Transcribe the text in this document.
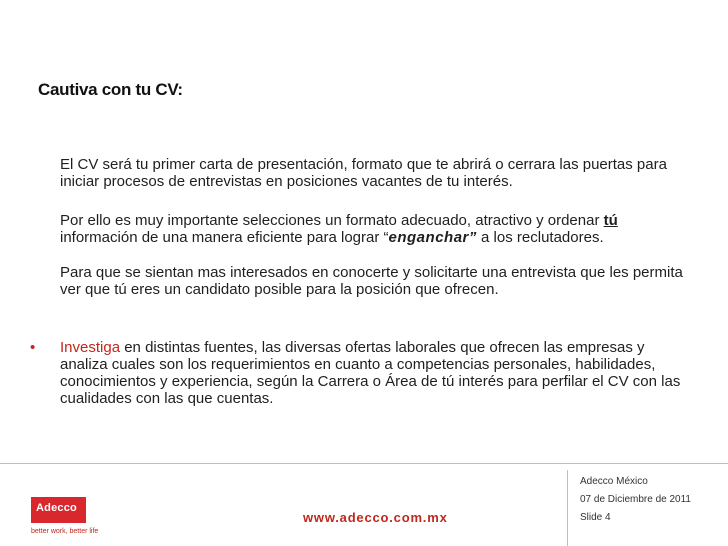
Cautiva con tu CV:
El CV será tu primer carta de presentación, formato que te abrirá o cerrara las puertas para iniciar procesos de entrevistas en posiciones vacantes de tu interés.
Por ello es muy importante selecciones un formato adecuado, atractivo y ordenar tú información de una manera eficiente para lograr “enganchar” a los reclutadores.
Para que se sientan mas interesados en conocerte y solicitarte una entrevista que les permita ver que tú eres un candidato posible para la posición que ofrecen.
• Investiga en distintas fuentes, las diversas ofertas laborales que ofrecen las empresas y analiza cuales son los requerimientos en cuanto a competencias personales, habilidades, conocimientos y experiencia, según la Carrera o Área de tú interés para perfilar el CV con las cualidades con las que cuentas.
Adecco
better work, better life
www.adecco.com.mx
Adecco México
07 de Diciembre de 2011
Slide 4
